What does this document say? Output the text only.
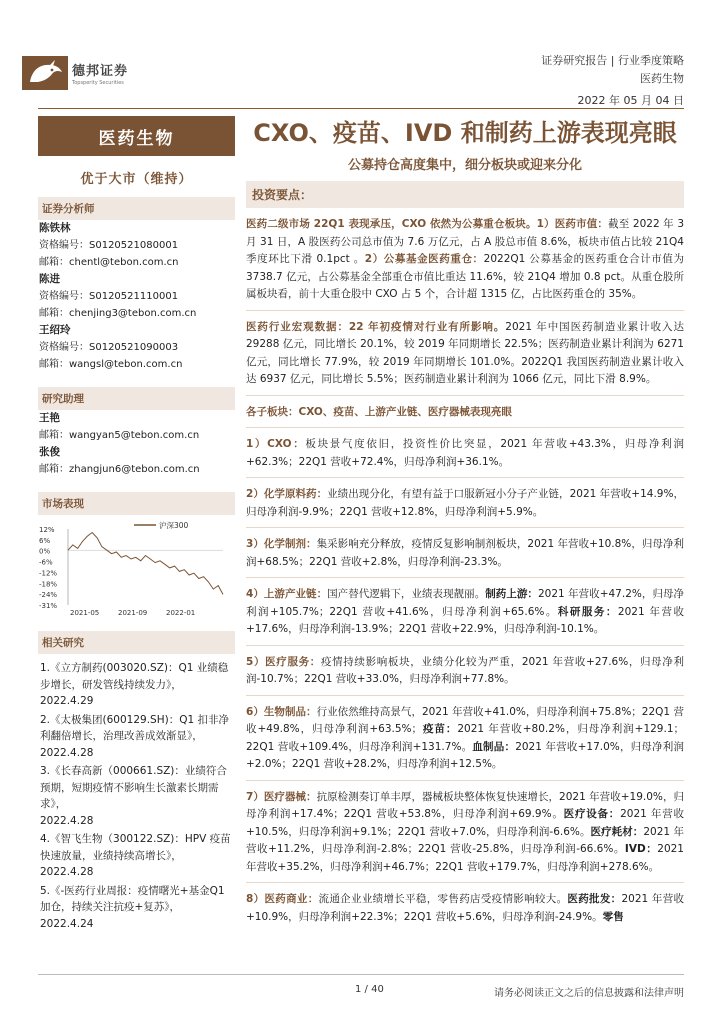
德邦证券
Topsperity Securities
证券研究报告 | 行业季度策略
医药生物
2022 年 05 月 04 日
医药生物
优于大市（维持）
证券分析师
陈铁林
资格编号：S0120521080001
邮箱：chentl@tebon.com.cn
陈进
资格编号：S0120521110001
邮箱：chenjing3@tebon.com.cn
王绍玲
资格编号：S0120521090003
邮箱：wangsl@tebon.com.cn
研究助理
王艳
邮箱：wangyan5@tebon.com.cn
张俊
邮箱：zhangjun6@tebon.com.cn
市场表现
12%
6%
0%
-6%
-12%
-18%
-24%
-31%
2021-05	2021-09	2022-01
沪深300
相关研究
1.《立方制药(003020.SZ)：Q1 业绩稳步增长，研发管线持续发力》，
2022.4.29
2.《太极集团(600129.SH)：Q1 扣非净利翻倍增长，治理改善成效渐显》，
2022.4.28
3.《长春高新（000661.SZ)：业绩符合预期，短期疫情不影响生长激素长期需求》，
2022.4.28
4.《智飞生物（300122.SZ)：HPV 疫苗快速放量，业绩持续高增长》，
2022.4.28
5.《-医药行业周报：疫情曙光+基金Q1 加仓，持续关注抗疫+复苏》，
2022.4.24
CXO、疫苗、IVD 和制药上游表现亮眼
公募持仓高度集中，细分板块或迎来分化
投资要点：

医药二级市场 22Q1 表现承压，CXO 依然为公募重仓板块。1）医药市值：截至 2022 年 3 月 31 日，A 股医药公司总市值为 7.6 万亿元，占 A 股总市值 8.6%，板块市值占比较 21Q4 季度环比下滑 0.1pct 。2）公募基金医药重仓：2022Q1 公募基金的医药重仓合计市值为 3738.7 亿元，占公募基金全部重仓市值比重达 11.6%，较 21Q4 增加 0.8 pct。从重仓股所属板块看，前十大重仓股中 CXO 占 5 个，合计超 1315 亿，占比医药重仓的 35%。

医药行业宏观数据：22 年初疫情对行业有所影响。2021 年中国医药制造业累计收入达 29288 亿元，同比增长 20.1%，较 2019 年同期增长 22.5%；医药制造业累计利润为 6271 亿元，同比增长 77.9%，较 2019 年同期增长 101.0%。2022Q1 我国医药制造业累计收入达 6937 亿元，同比增长 5.5%；医药制造业累计利润为 1066 亿元，同比下滑 8.9%。

各子板块：CXO、疫苗、上游产业链、医疗器械表现亮眼

1）CXO：板块景气度依旧，投资性价比突显，2021 年营收+43.3%，归母净利润+62.3%；22Q1 营收+72.4%，归母净利润+36.1%。

2）化学原料药：业绩出现分化，有望有益于口服新冠小分子产业链，2021 年营收+14.9%，归母净利润-9.9%；22Q1 营收+12.8%，归母净利润+5.9%。

3）化学制剂：集采影响充分释放，疫情反复影响制剂板块，2021 年营收+10.8%，归母净利润+68.5%；22Q1 营收+2.8%，归母净利润-23.3%。

4）上游产业链：国产替代逻辑下，业绩表现靓丽。制药上游：2021 年营收+47.2%，归母净利润+105.7%；22Q1 营收+41.6%，归母净利润+65.6%。科研服务：2021 年营收+17.6%，归母净利润-13.9%；22Q1 营收+22.9%，归母净利润-10.1%。

5）医疗服务：疫情持续影响板块，业绩分化较为严重，2021 年营收+27.6%，归母净利润-10.7%；22Q1 营收+33.0%，归母净利润+77.8%。

6）生物制品：行业依然维持高景气，2021 年营收+41.0%，归母净利润+75.8%；22Q1 营收+49.8%，归母净利润+63.5%；疫苗：2021 年营收+80.2%，归母净利润+129.1；22Q1 营收+109.4%，归母净利润+131.7%。血制品：2021 年营收+17.0%，归母净利润+2.0%；22Q1 营收+28.2%，归母净利润+12.5%。

7）医疗器械：抗原检测奏订单丰厚，器械板块整体恢复快速增长，2021 年营收+19.0%，归母净利润+17.4%；22Q1 营收+53.8%，归母净利润+69.9%。医疗设备：2021 年营收+10.5%，归母净利润+9.1%；22Q1 营收+7.0%，归母净利润-6.6%。医疗耗材：2021 年营收+11.2%，归母净利润-2.8%；22Q1 营收-25.8%，归母净利润-66.6%。IVD：2021 年营收+35.2%，归母净利润+46.7%；22Q1 营收+179.7%，归母净利润+278.6%。

8）医药商业：流通企业业绩增长平稳，零售药店受疫情影响较大。医药批发：2021 年营收+10.9%，归母净利润+22.3%；22Q1 营收+5.6%，归母净利润-24.9%。零售

1 / 40	请务必阅读正文之后的信息披露和法律声明
